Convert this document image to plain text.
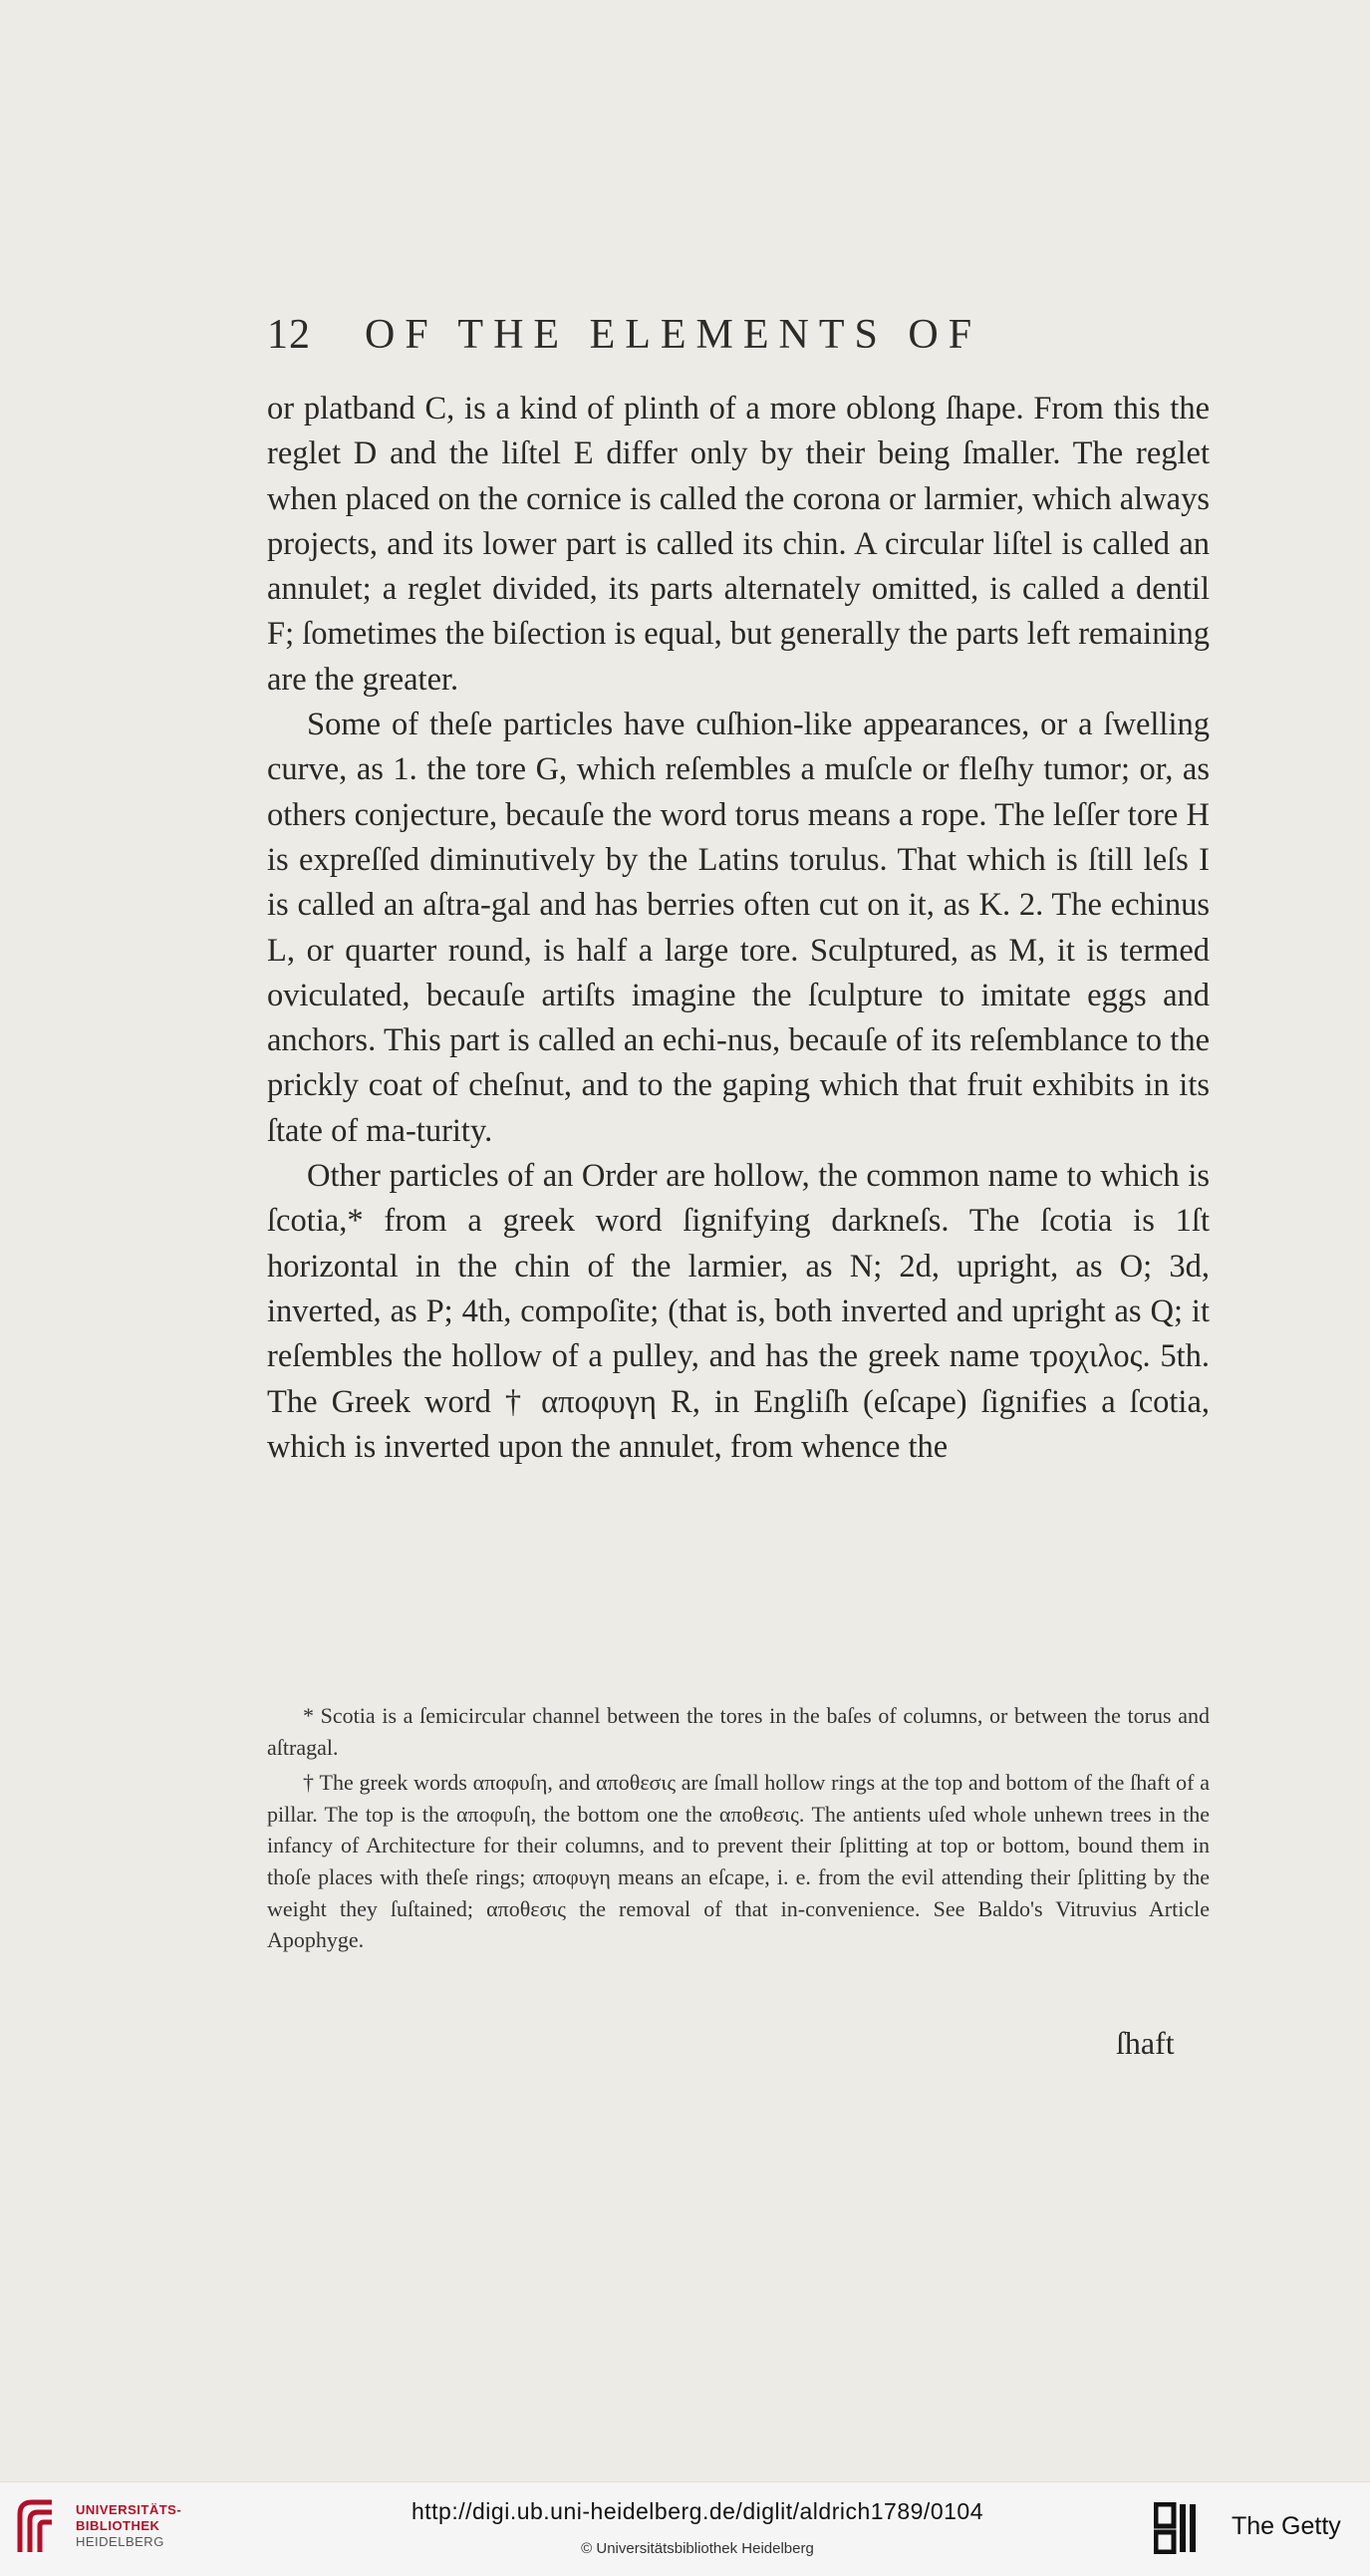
12 OF THE ELEMENTS OF

or platband C, is a kind of plinth of a more oblong ſhape. From this the reglet D and the liſtel E differ only by their being ſmaller. The reglet when placed on the cornice is called the corona or larmier, which always projects, and its lower part is called its chin. A circular liſtel is called an annulet; a reglet divided, its parts alternately omitted, is called a dentil F; ſometimes the biſection is equal, but generally the parts left remaining are the greater.

Some of theſe particles have cuſhion-like appearances, or a ſwelling curve, as 1. the tore G, which reſembles a muſcle or fleſhy tumor; or, as others conjecture, becauſe the word torus means a rope. The leſſer tore H is expreſſed diminutively by the Latins torulus. That which is ſtill leſs I is called an aſtra-gal and has berries often cut on it, as K. 2. The echinus L, or quarter round, is half a large tore. Sculptured, as M, it is termed oviculated, becauſe artiſts imagine the ſculpture to imitate eggs and anchors. This part is called an echi-nus, becauſe of its reſemblance to the prickly coat of cheſnut, and to the gaping which that fruit exhibits in its ſtate of ma-turity.

Other particles of an Order are hollow, the common name to which is ſcotia,* from a greek word ſignifying darkneſs. The ſcotia is 1ſt horizontal in the chin of the larmier, as N; 2d, upright, as O; 3d, inverted, as P; 4th, compoſite; (that is, both inverted and upright as Q; it reſembles the hollow of a pulley, and has the greek name τροχιλος. 5th. The Greek word † αποφυγη R, in Engliſh (eſcape) ſignifies a ſcotia, which is inverted upon the annulet, from whence the

* Scotia is a ſemicircular channel between the tores in the baſes of columns, or between the torus and aſtragal.

† The greek words αποφυſη, and αποθεσις are ſmall hollow rings at the top and bottom of the ſhaft of a pillar. The top is the αποφυſη, the bottom one the αποθεσις. The antients uſed whole unhewn trees in the infancy of Architecture for their columns, and to prevent their ſplitting at top or bottom, bound them in thoſe places with theſe rings; αποφυγη means an eſcape, i. e. from the evil attending their ſplitting by the weight they ſuſtained; αποθεσις the removal of that in-convenience. See Baldo's Vitruvius Article Apophyge.

ſhaft
UNIVERSITÄTS-
BIBLIOTHEK
HEIDELBERG
http://digi.ub.uni-heidelberg.de/diglit/aldrich1789/0104
© Universitätsbibliothek Heidelberg
The Getty
